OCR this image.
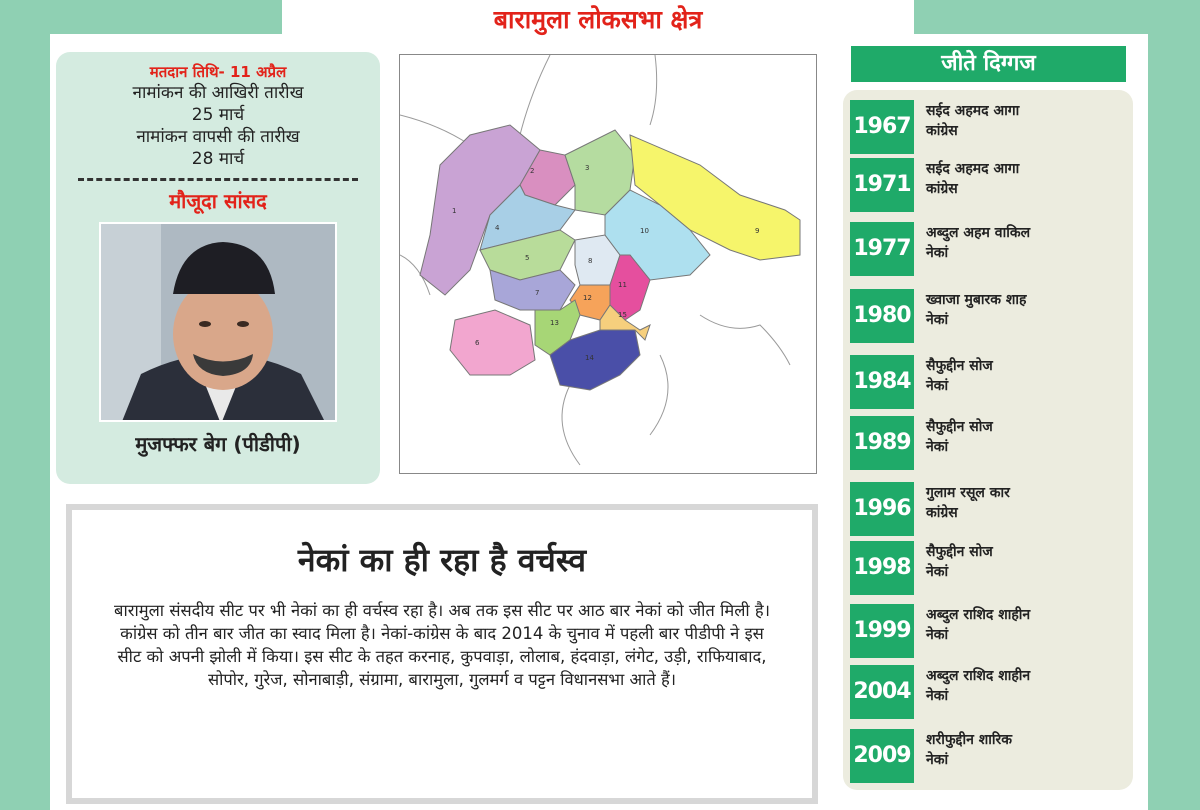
बारामुला लोकसभा क्षेत्र
मतदान तिथि- 11 अप्रैल
नामांकन की आखिरी तारीख
25 मार्च
नामांकन वापसी की तारीख
28 मार्च
मौजूदा सांसद
मुजफ्फर बेग (पीडीपी)
1
2	3
4
5
6
7
8
9
10
11
12
13
14
15
जीते दिग्गज
1967
सईद अहमद आगा
कांग्रेस
1971
सईद अहमद आगा
कांग्रेस
1977
अब्दुल अहम वाकिल
नेकां
1980
ख्वाजा मुबारक शाह
नेकां
1984
सैफुद्दीन सोज
नेकां
1989
सैफुद्दीन सोज
नेकां
1996
गुलाम रसूल कार
कांग्रेस
1998
सैफुद्दीन सोज
नेकां
1999
अब्दुल राशिद शाहीन
नेकां
2004
अब्दुल राशिद शाहीन
नेकां
2009
शरीफुद्दीन शारिक
नेकां
नेकां का ही रहा है वर्चस्व
बारामुला संसदीय सीट पर भी नेकां का ही वर्चस्व रहा है। अब तक इस सीट पर आठ बार नेकां को जीत मिली है। कांग्रेस को तीन बार जीत का स्वाद मिला है। नेकां-कांग्रेस के बाद 2014 के चुनाव में पहली बार पीडीपी ने इस सीट को अपनी झोली में किया। इस सीट के तहत करनाह, कुपवाड़ा, लोलाब, हंदवाड़ा, लंगेट, उड़ी, राफियाबाद, सोपोर, गुरेज, सोनाबाड़ी, संग्रामा, बारामुला, गुलमर्ग व पट्टन विधानसभा आते हैं।
